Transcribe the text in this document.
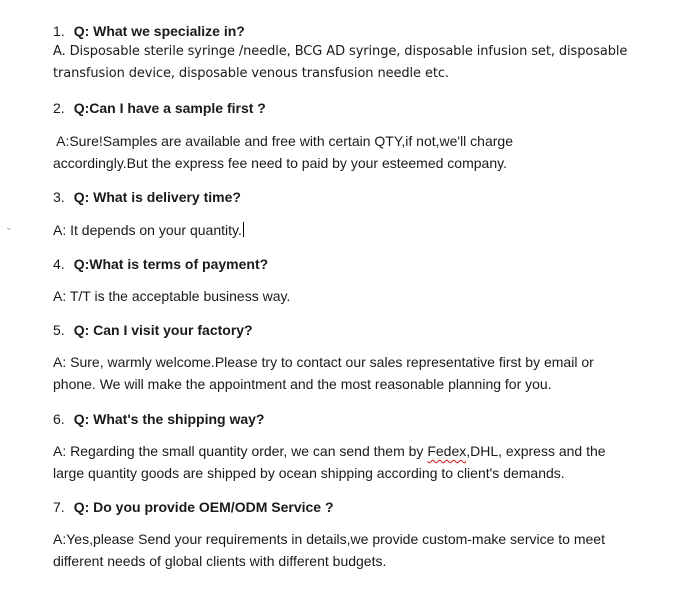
⌄

1. Q: What we specialize in?

A. Disposable sterile syringe /needle, BCG AD syringe, disposable infusion set, disposable
transfusion device, disposable venous transfusion needle etc.

2. Q:Can I have a sample first ?

A:Sure!Samples are available and free with certain QTY,if not,we'll charge
accordingly.But the express fee need to paid by your esteemed company.

3. Q: What is delivery time?

A: It depends on your quantity.

4. Q:What is terms of payment?

A: T/T is the acceptable business way.

5. Q: Can I visit your factory?

A: Sure, warmly welcome.Please try to contact our sales representative first by email or
phone. We will make the appointment and the most reasonable planning for you.

6. Q: What's the shipping way?

A: Regarding the small quantity order, we can send them by Fedex,DHL, express and the
large quantity goods are shipped by ocean shipping according to client's demands.

7. Q: Do you provide OEM/ODM Service ?

A:Yes,please Send your requirements in details,we provide custom-make service to meet
different needs of global clients with different budgets.
